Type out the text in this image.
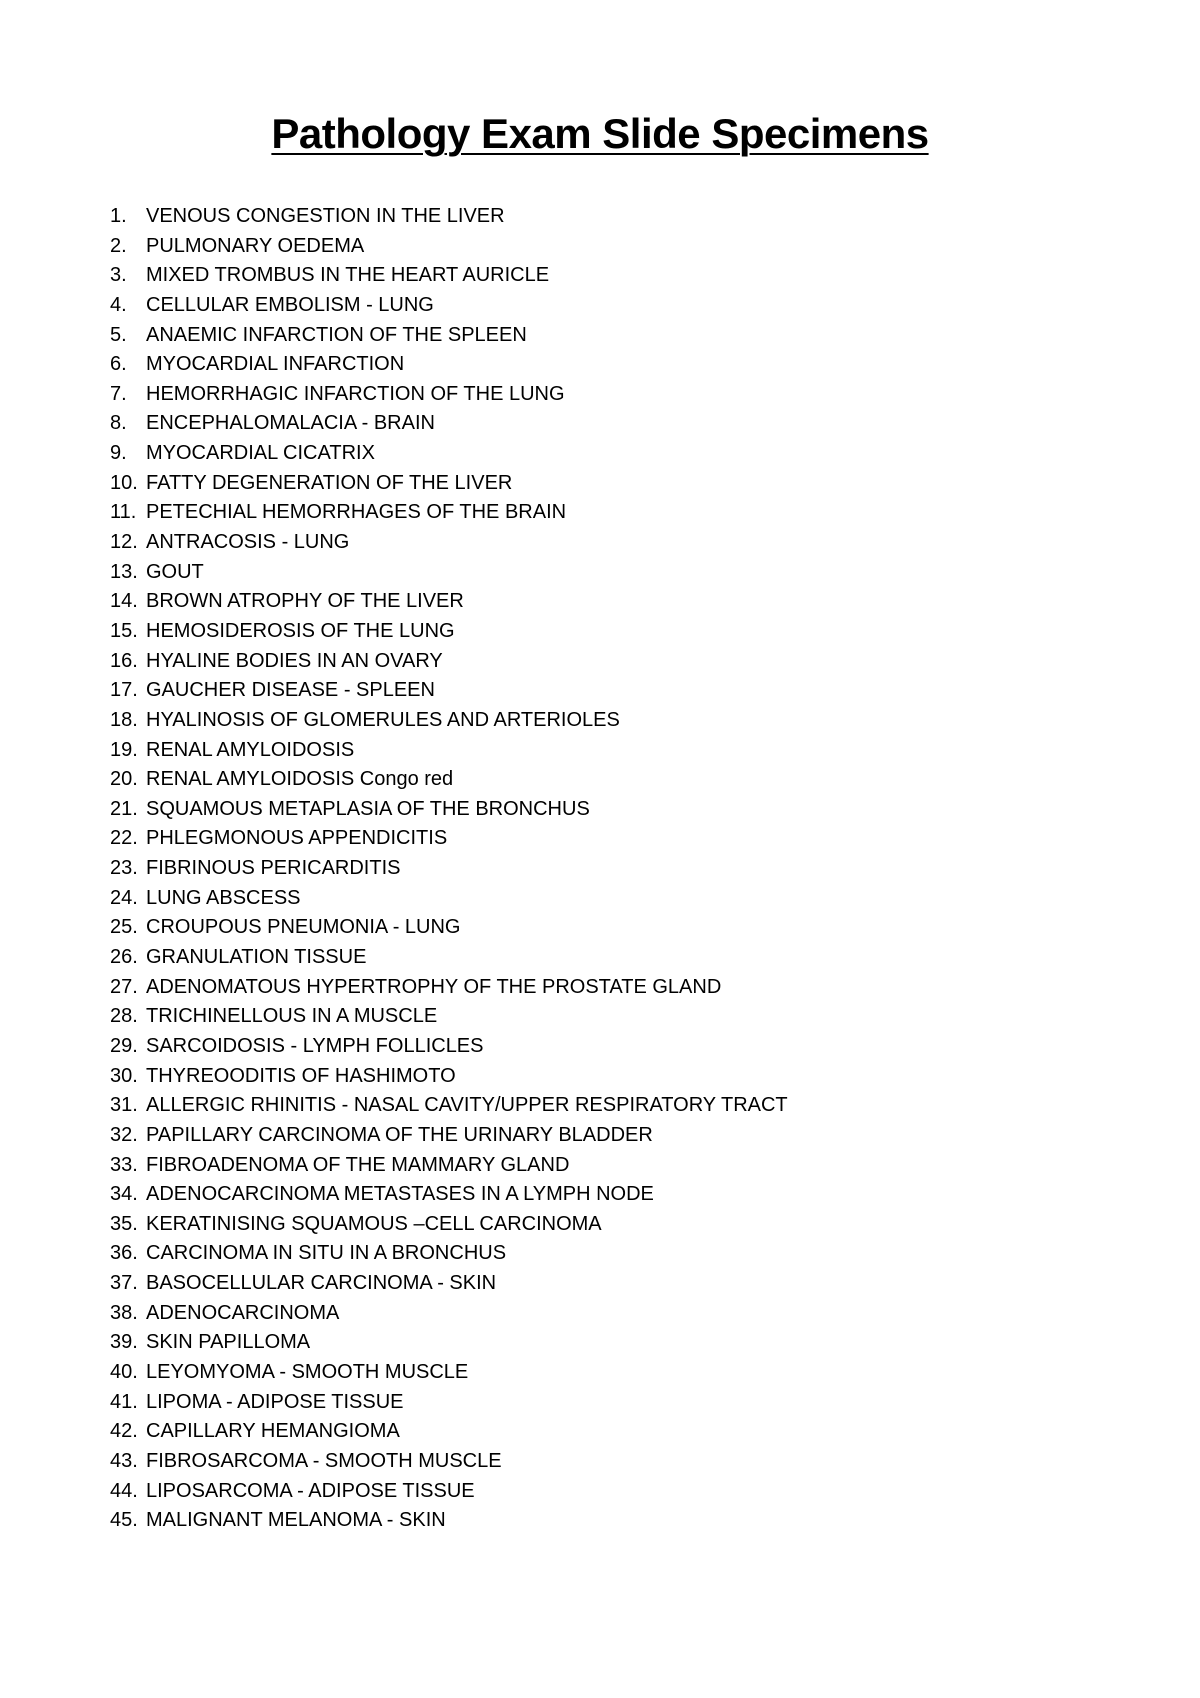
Pathology Exam Slide Specimens
1. VENOUS CONGESTION IN THE LIVER
2. PULMONARY OEDEMA
3. MIXED TROMBUS IN THE HEART AURICLE
4. CELLULAR EMBOLISM - LUNG
5. ANAEMIC INFARCTION OF THE SPLEEN
6. MYOCARDIAL INFARCTION
7. HEMORRHAGIC INFARCTION OF THE LUNG
8. ENCEPHALOMALACIA - BRAIN
9. MYOCARDIAL CICATRIX
10. FATTY DEGENERATION OF THE LIVER
11. PETECHIAL HEMORRHAGES OF THE BRAIN
12. ANTRACOSIS - LUNG
13. GOUT
14. BROWN ATROPHY OF THE LIVER
15. HEMOSIDEROSIS OF THE LUNG
16. HYALINE BODIES IN AN OVARY
17. GAUCHER DISEASE - SPLEEN
18. HYALINOSIS OF GLOMERULES AND ARTERIOLES
19. RENAL AMYLOIDOSIS
20. RENAL AMYLOIDOSIS Congo red
21. SQUAMOUS METAPLASIA OF THE BRONCHUS
22. PHLEGMONOUS APPENDICITIS
23. FIBRINOUS PERICARDITIS
24. LUNG ABSCESS
25. CROUPOUS PNEUMONIA - LUNG
26. GRANULATION TISSUE
27. ADENOMATOUS HYPERTROPHY OF THE PROSTATE GLAND
28. TRICHINELLOUS IN A MUSCLE
29. SARCOIDOSIS - LYMPH FOLLICLES
30. THYREOODITIS OF HASHIMOTO
31. ALLERGIC RHINITIS - NASAL CAVITY/UPPER RESPIRATORY TRACT
32. PAPILLARY CARCINOMA OF THE URINARY BLADDER
33. FIBROADENOMA OF THE MAMMARY GLAND
34. ADENOCARCINOMA METASTASES IN A LYMPH NODE
35. KERATINISING SQUAMOUS –CELL CARCINOMA
36. CARCINOMA IN SITU IN A BRONCHUS
37. BASOCELLULAR CARCINOMA - SKIN
38. ADENOCARCINOMA
39. SKIN PAPILLOMA
40. LEYOMYOMA - SMOOTH MUSCLE
41. LIPOMA - ADIPOSE TISSUE
42. CAPILLARY HEMANGIOMA
43. FIBROSARCOMA - SMOOTH MUSCLE
44. LIPOSARCOMA - ADIPOSE TISSUE
45. MALIGNANT MELANOMA - SKIN
